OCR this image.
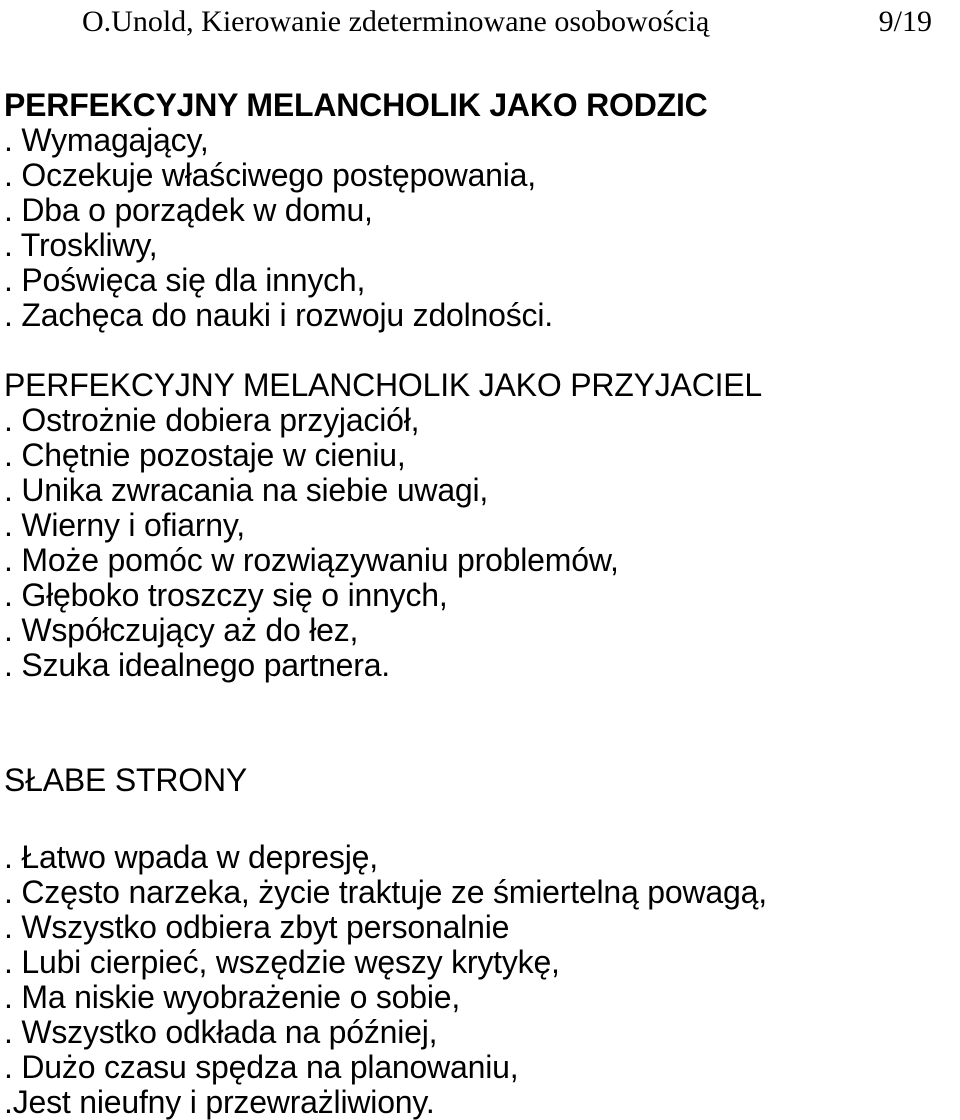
O.Unold, Kierowanie zdeterminowane osobowością	9/19
PERFEKCYJNY MELANCHOLIK JAKO RODZIC
. Wymagający,
. Oczekuje właściwego postępowania,
. Dba o porządek w domu,
. Troskliwy,
. Poświęca się dla innych,
. Zachęca do nauki i rozwoju zdolności.
PERFEKCYJNY MELANCHOLIK JAKO PRZYJACIEL
. Ostrożnie dobiera przyjaciół,
. Chętnie pozostaje w cieniu,
. Unika zwracania na siebie uwagi,
. Wierny i ofiarny,
. Może pomóc w rozwiązywaniu problemów,
. Głęboko troszczy się o innych,
. Współczujący aż do łez,
. Szuka idealnego partnera.
SŁABE STRONY
. Łatwo wpada w depresję,
. Często narzeka, życie traktuje ze śmiertelną powagą,
. Wszystko odbiera zbyt personalnie
. Lubi cierpieć, wszędzie węszy krytykę,
. Ma niskie wyobrażenie o sobie,
. Wszystko odkłada na później,
. Dużo czasu spędza na planowaniu,
.Jest nieufny i przewrażliwiony.
